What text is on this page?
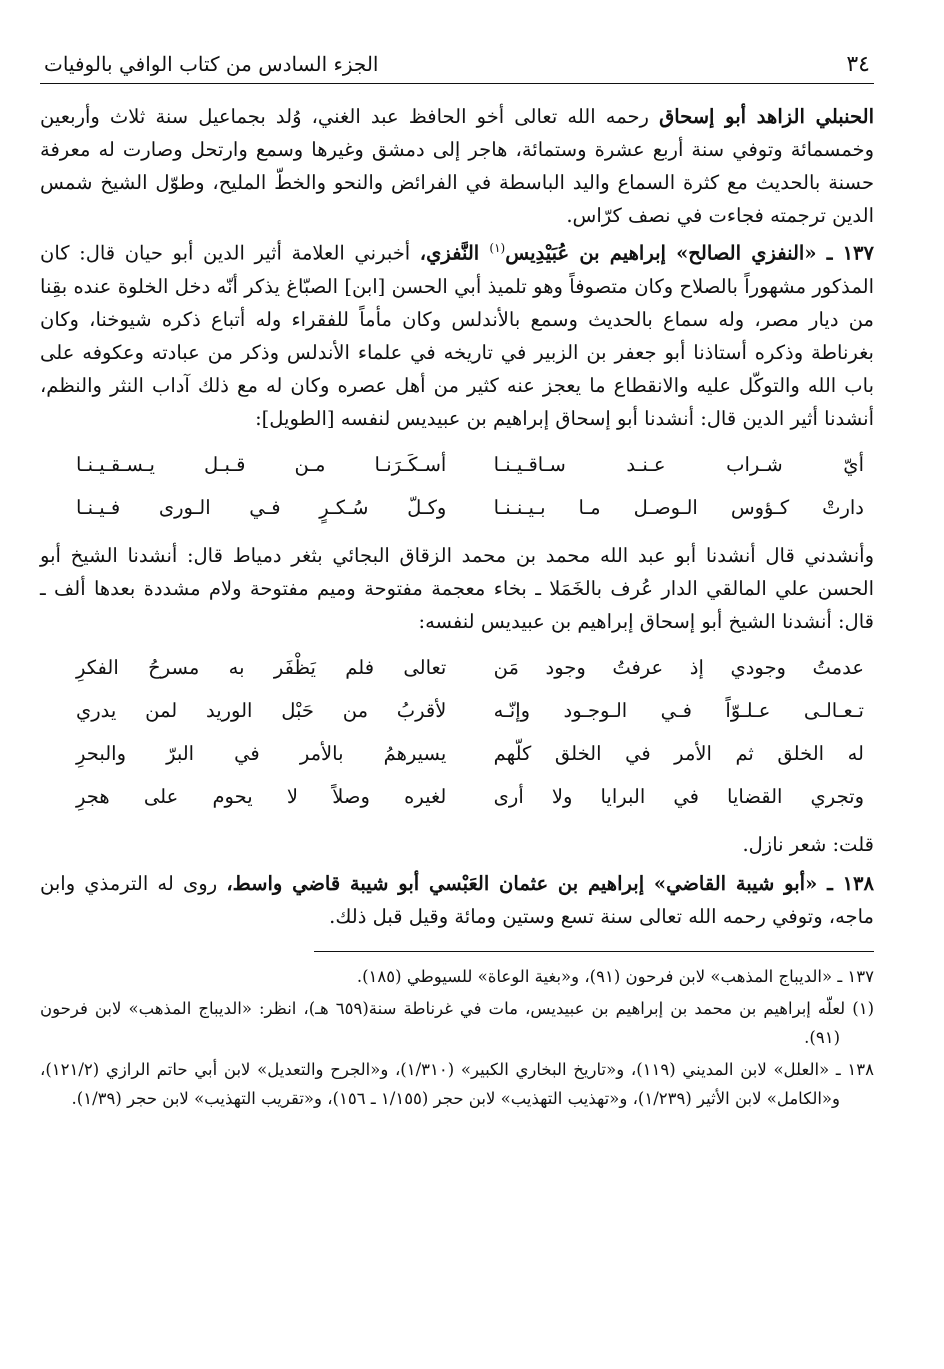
٣٤
الجزء السادس من كتاب الوافي بالوفيات

الحنبلي الزاهد أبو إسحاق رحمه الله تعالى أخو الحافظ عبد الغني، وُلد بجماعيل سنة ثلاث وأربعين وخمسمائة وتوفي سنة أربع عشرة وستمائة، هاجر إلى دمشق وغيرها وسمع وارتحل وصارت له معرفة حسنة بالحديث مع كثرة السماع واليد الباسطة في الفرائض والنحو والخطّ المليح، وطوّل الشيخ شمس الدين ترجمته فجاءت في نصف كرّاس.

١٣٧ ـ «النفزي الصالح» إبراهيم بن عُبَيْدِيس$^{(١)}$ النَّفزي، أخبرني العلامة أثير الدين أبو حيان قال: كان المذكور مشهوراً بالصلاح وكان متصوفاً وهو تلميذ أبي الحسن [ابن] الصبّاغ يذكر أنّه دخل الخلوة عنده بقِنا من ديار مصر، وله سماع بالحديث وسمع بالأندلس وكان مأماً للفقراء وله أتباع ذكره شيوخنا، وكان بغرناطة وذكره أستاذنا أبو جعفر بن الزبير في تاريخه في علماء الأندلس وذكر من عبادته وعكوفه على باب الله والتوكّل عليه والانقطاع ما يعجز عنه كثير من أهل عصره وكان له مع ذلك آداب النثر والنظم، أنشدنا أثير الدين قال: أنشدنا أبو إسحاق إبراهيم بن عبيديس لنفسه [الطويل]:

أيّ شـراب عـنـد سـاقـيـنـا
أسـكَـرَنـا مـن قـبـل يـسـقـيـنـا
دارتْ كـؤوس الـوصـل مـا بـيـنـنـا
وكـلّ سُـكـرٍ فـي الـورى فـيـنـا

وأنشدني قال أنشدنا أبو عبد الله محمد بن محمد الزقاق البجائي بثغر دمياط قال: أنشدنا الشيخ أبو الحسن علي المالقي الدار عُرف بالخَمَلا ـ بخاء معجمة مفتوحة وميم مفتوحة ولام مشددة بعدها ألف ـ قال: أنشدنا الشيخ أبو إسحاق إبراهيم بن عبيديس لنفسه:

عدمتُ وجودي إذ عرفتُ وجود مَن
تعالى فلم يَظْفَر به مسرحُ الفكرِ
تـعـالـى عـلـوّاً فـي الـوجـود وإنّـه
لأقربُ من حَبْل الوريد لمن يدري
له الخلق ثم الأمر في الخلق كلّهم
يسيرهمُ بالأمر في البرّ والبحرِ
وتجري القضايا في البرايا ولا أرى
لغيره وصلاً لا يحوم على هجرِ

قلت: شعر نازل.

١٣٨ ـ «أبو شيبة القاضي» إبراهيم بن عثمان العَبْسي أبو شيبة قاضي واسط، روى له الترمذي وابن ماجه، وتوفي رحمه الله تعالى سنة تسع وستين ومائة وقيل قبل ذلك.

١٣٧ ـ «الديباج المذهب» لابن فرحون (٩١)، و«بغية الوعاة» للسيوطي (١٨٥).

(١) لعلّه إبراهيم بن محمد بن إبراهيم بن عبيديس، مات في غرناطة سنة(٦٥٩ هـ)، انظر: «الديباج المذهب» لابن فرحون (٩١).

١٣٨ ـ «العلل» لابن المديني (١١٩)، و«تاريخ البخاري الكبير» (١/٣١٠)، و«الجرح والتعديل» لابن أبي حاتم الرازي (١٢١/٢)، و«الكامل» لابن الأثير (١/٢٣٩)، و«تهذيب التهذيب» لابن حجر (١/١٥٥ ـ ١٥٦)، و«تقريب التهذيب» لابن حجر (١/٣٩).
